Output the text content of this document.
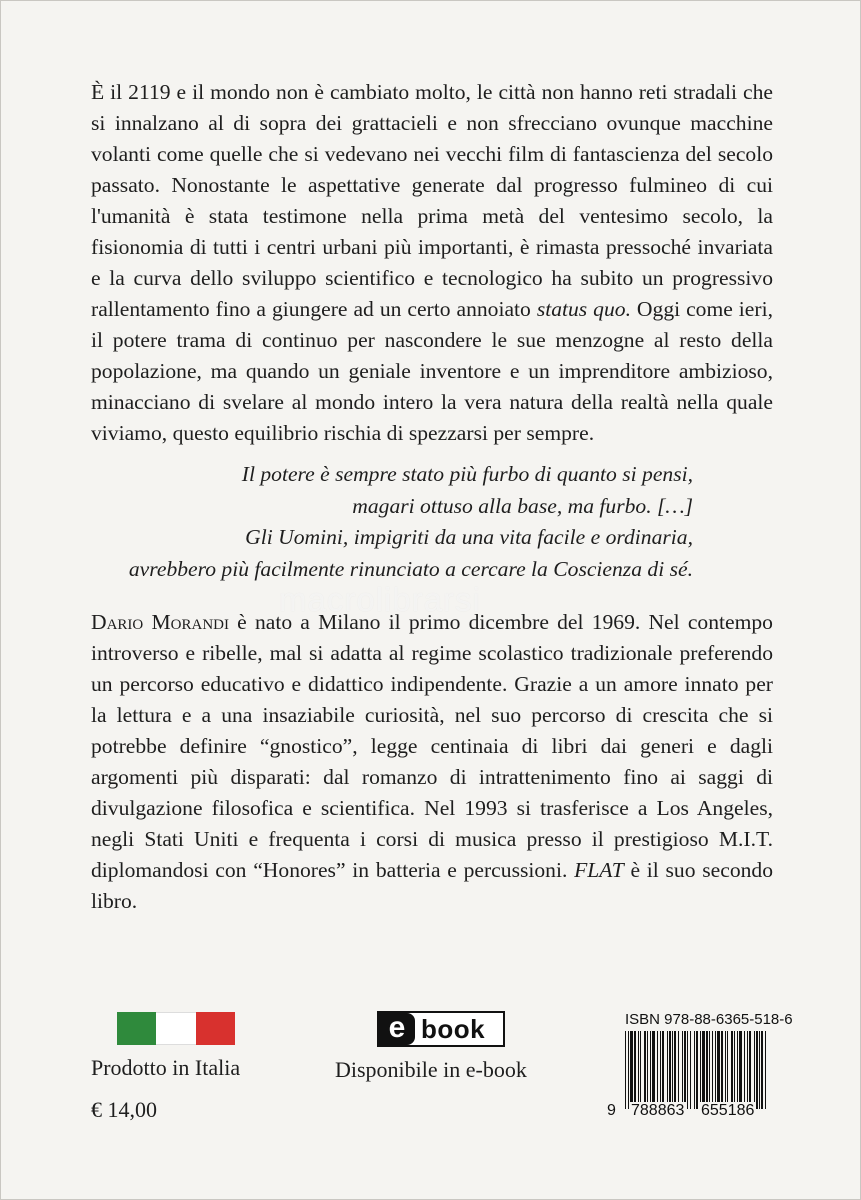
È il 2119 e il mondo non è cambiato molto, le città non hanno reti stradali che si innalzano al di sopra dei grattacieli e non sfrecciano ovunque macchine volanti come quelle che si vedevano nei vecchi film di fantascienza del secolo passato. Nonostante le aspettative generate dal progresso fulmineo di cui l'umanità è stata testimone nella prima metà del ventesimo secolo, la fisionomia di tutti i centri urbani più importanti, è rimasta pressoché invariata e la curva dello sviluppo scientifico e tecnologico ha subito un progressivo rallentamento fino a giungere ad un certo annoiato status quo. Oggi come ieri, il potere trama di continuo per nascondere le sue menzogne al resto della popolazione, ma quando un geniale inventore e un imprenditore ambizioso, minacciano di svelare al mondo intero la vera natura della realtà nella quale viviamo, questo equilibrio rischia di spezzarsi per sempre.

Il potere è sempre stato più furbo di quanto si pensi,
magari ottuso alla base, ma furbo. […]
Gli Uomini, impigriti da una vita facile e ordinaria,
avrebbero più facilmente rinunciato a cercare la Coscienza di sé.
macrolibrarsi

Dario Morandi è nato a Milano il primo dicembre del 1969. Nel contempo introverso e ribelle, mal si adatta al regime scolastico tradizionale preferendo un percorso educativo e didattico indipendente. Grazie a un amore innato per la lettura e a una insaziabile curiosità, nel suo percorso di crescita che si potrebbe definire “gnostico”, legge centinaia di libri dai generi e dagli argomenti più disparati: dal romanzo di intrattenimento fino ai saggi di divulgazione filosofica e scientifica. Nel 1993 si trasferisce a Los Angeles, negli Stati Uniti e frequenta i corsi di musica presso il prestigioso M.I.T. diplomandosi con “Honores” in batteria e percussioni. FLAT è il suo secondo libro.

Prodotto in Italia
€ 14,00
e book
Disponibile in e-book
ISBN 978-88-6365-518-6
9 788863 655186
